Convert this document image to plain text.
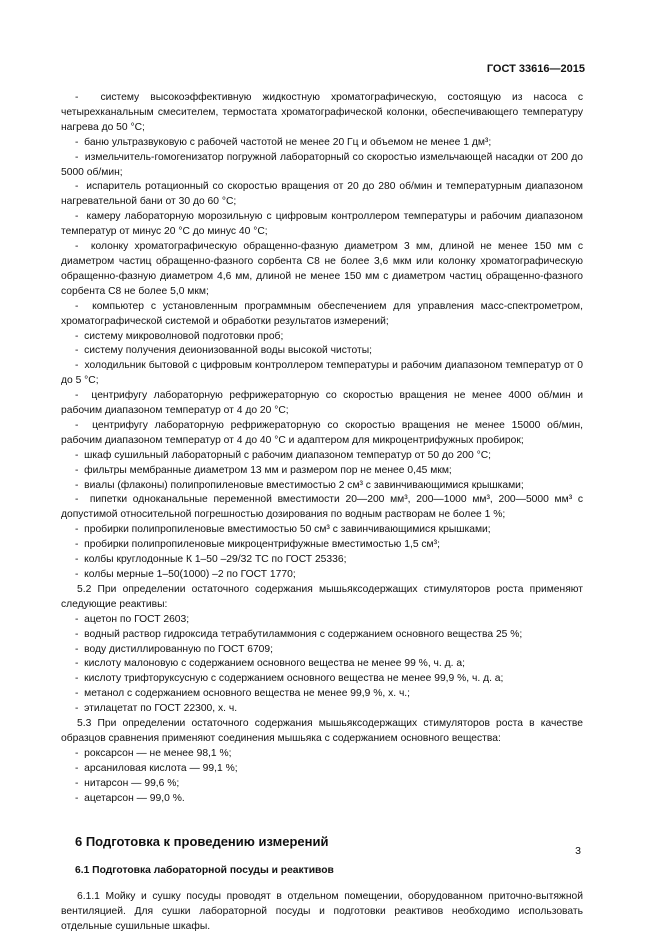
ГОСТ 33616—2015

-  систему высокоэффективную жидкостную хроматографическую, состоящую из насоса с четырехканальным смесителем, термостата хроматографической колонки, обеспечивающего температуру нагрева до 50 °С;

-  баню ультразвуковую с рабочей частотой не менее 20 Гц и объемом не менее 1 дм³;

-  измельчитель-гомогенизатор погружной лабораторный со скоростью измельчающей насадки от 200 до 5000 об/мин;

-  испаритель ротационный со скоростью вращения от 20 до 280 об/мин и температурным диапазоном нагревательной бани от 30 до 60 °С;

-  камеру лабораторную морозильную с цифровым контроллером температуры и рабочим диапазоном температур от минус 20 °С до минус 40 °С;

-  колонку хроматографическую обращенно-фазную диаметром 3 мм, длиной не менее 150 мм с диаметром частиц обращенно-фазного сорбента C8 не более 3,6 мкм или колонку хроматографическую обращенно-фазную диаметром 4,6 мм, длиной не менее 150 мм с диаметром частиц обращенно-фазного сорбента C8 не более 5,0 мкм;

-  компьютер с установленным программным обеспечением для управления масс-спектрометром, хроматографической системой и обработки результатов измерений;

-  систему микроволновой подготовки проб;

-  систему получения деионизованной воды высокой чистоты;

-  холодильник бытовой с цифровым контроллером температуры и рабочим диапазоном температур от 0 до 5 °С;

-  центрифугу лабораторную рефрижераторную со скоростью вращения не менее 4000 об/мин и рабочим диапазоном температур от 4 до 20 °С;

-  центрифугу лабораторную рефрижераторную со скоростью вращения не менее 15000 об/мин, рабочим диапазоном температур от 4 до 40 °С и адаптером для микроцентрифужных пробирок;

-  шкаф сушильный лабораторный с рабочим диапазоном температур от 50 до 200 °С;

-  фильтры мембранные диаметром 13 мм и размером пор не менее 0,45 мкм;

-  виалы (флаконы) полипропиленовые вместимостью 2 см³ с завинчивающимися крышками;

-  пипетки одноканальные переменной вместимости 20—200 мм³, 200—1000 мм³, 200—5000 мм³ с допустимой относительной погрешностью дозирования по водным растворам не более 1 %;

-  пробирки полипропиленовые вместимостью 50 см³ с завинчивающимися крышками;

-  пробирки полипропиленовые микроцентрифужные вместимостью 1,5 см³;

-  колбы круглодонные К 1–50 –29/32 ТС по ГОСТ 25336;

-  колбы мерные 1–50(1000) –2 по ГОСТ 1770;

5.2 При определении остаточного содержания мышьяксодержащих стимуляторов роста применяют следующие реактивы:

-  ацетон по ГОСТ 2603;

-  водный раствор гидроксида тетрабутиламмония с содержанием основного вещества 25 %;

-  воду дистиллированную по ГОСТ 6709;

-  кислоту малоновую с содержанием основного вещества не менее 99 %, ч. д. а;

-  кислоту трифторуксусную с содержанием основного вещества не менее 99,9 %, ч. д. а;

-  метанол с содержанием основного вещества не менее 99,9 %, х. ч.;

-  этилацетат по ГОСТ 22300, х. ч.

5.3 При определении остаточного содержания мышьяксодержащих стимуляторов роста в качестве образцов сравнения применяют соединения мышьяка с содержанием основного вещества:

-  роксарсон — не менее 98,1 %;

-  арсаниловая кислота — 99,1 %;

-  нитарсон — 99,6 %;

-  ацетарсон — 99,0 %.

6 Подготовка к проведению измерений
6.1 Подготовка лабораторной посуды и реактивов

6.1.1 Мойку и сушку посуды проводят в отдельном помещении, оборудованном приточно-вытяжной вентиляцией. Для сушки лабораторной посуды и подготовки реактивов необходимо использовать отдельные сушильные шкафы.

3
